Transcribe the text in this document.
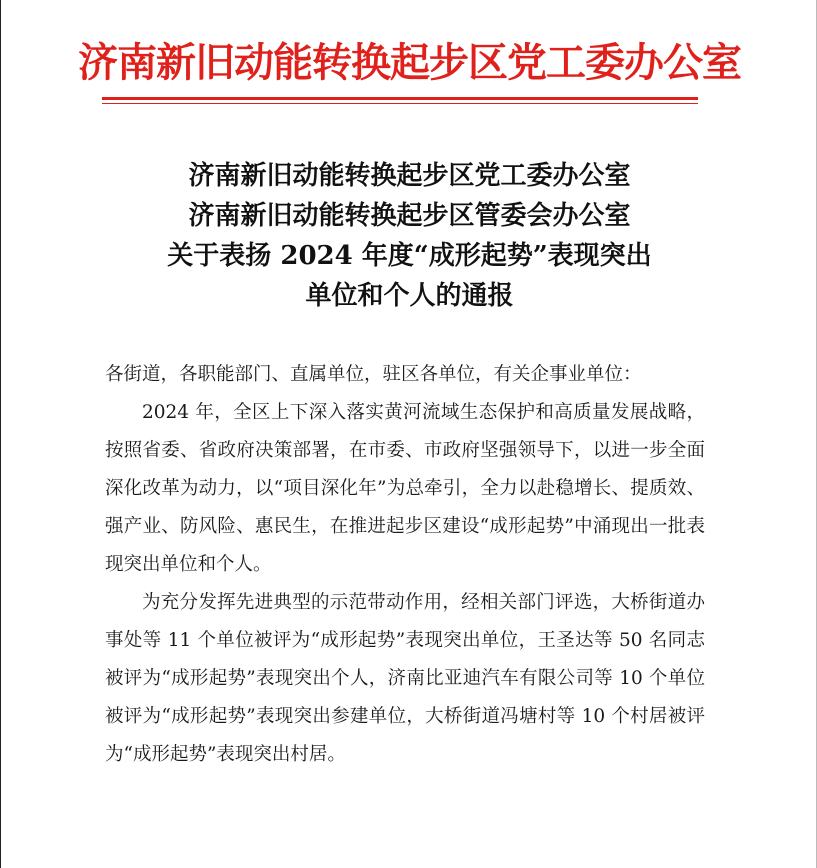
济南新旧动能转换起步区党工委办公室
济南新旧动能转换起步区党工委办公室
济南新旧动能转换起步区管委会办公室
关于表扬 2024 年度“成形起势”表现突出
单位和个人的通报

各街道，各职能部门、直属单位，驻区各单位，有关企事业单位：

2024 年，全区上下深入落实黄河流域生态保护和高质量发展战略，按照省委、省政府决策部署，在市委、市政府坚强领导下，以进一步全面深化改革为动力，以“项目深化年”为总牵引，全力以赴稳增长、提质效、强产业、防风险、惠民生，在推进起步区建设“成形起势”中涌现出一批表现突出单位和个人。

为充分发挥先进典型的示范带动作用，经相关部门评选，大桥街道办事处等 11 个单位被评为“成形起势”表现突出单位，王圣达等 50 名同志被评为“成形起势”表现突出个人，济南比亚迪汽车有限公司等 10 个单位被评为“成形起势”表现突出参建单位，大桥街道冯塘村等 10 个村居被评为“成形起势”表现突出村居。
